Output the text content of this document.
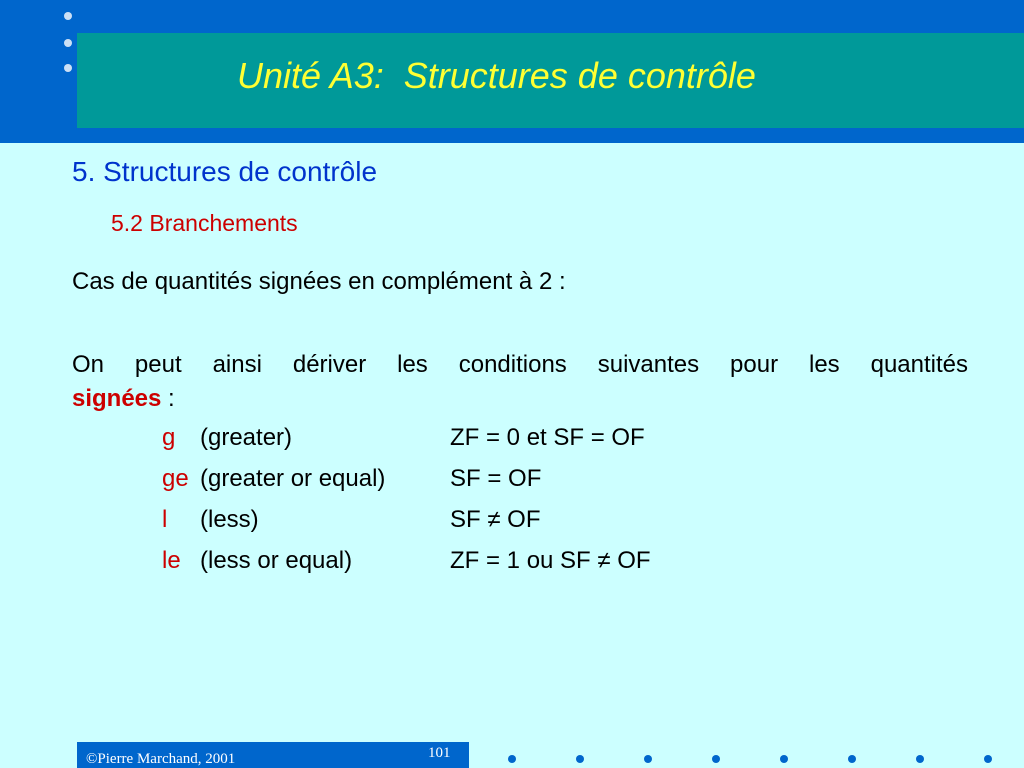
Unité A3:  Structures de contrôle
5. Structures de contrôle
5.2 Branchements
Cas de quantités signées en complément à 2 :
On peut ainsi dériver les conditions suivantes pour les quantités
signées :
g (greater)	ZF = 0 et SF = OF
ge (greater or equal)	SF = OF
l (less)	SF ≠ OF
le (less or equal)	ZF = 1 ou SF ≠ OF
©Pierre Marchand, 2001	101
